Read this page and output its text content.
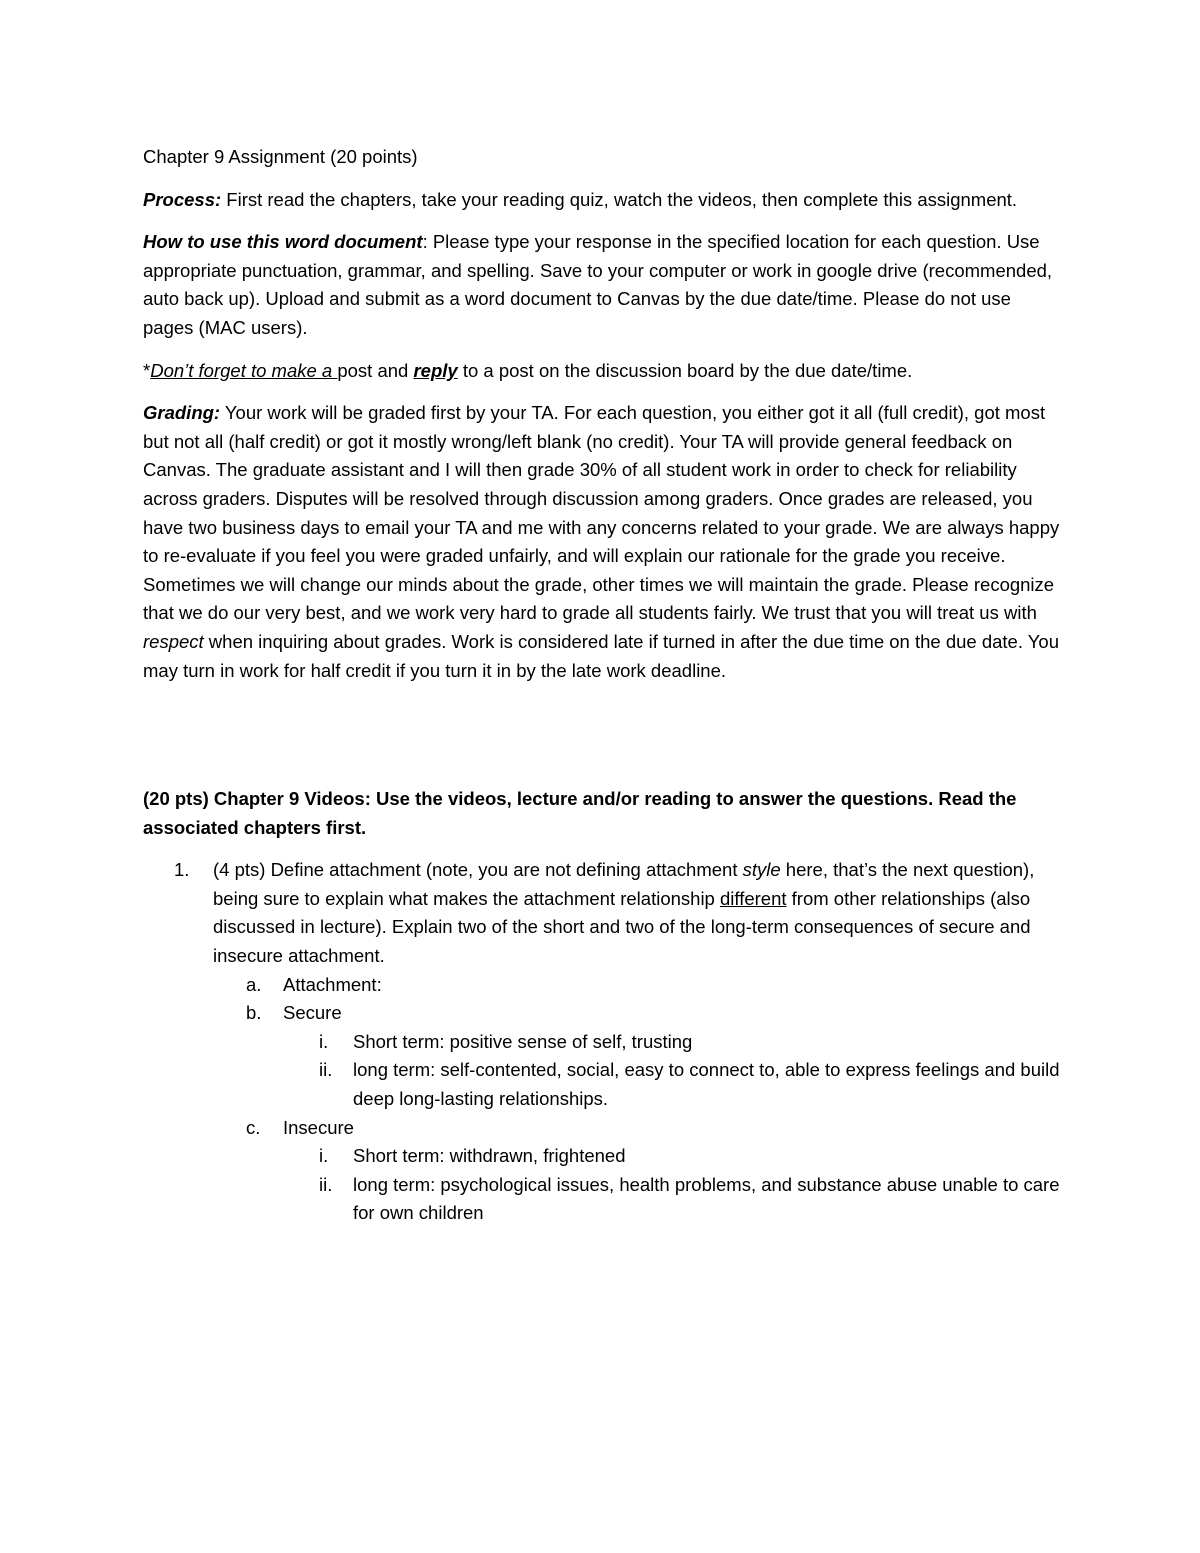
Chapter 9 Assignment (20 points)

Process: First read the chapters, take your reading quiz, watch the videos, then complete this assignment.

How to use this word document: Please type your response in the specified location for each question. Use appropriate punctuation, grammar, and spelling. Save to your computer or work in google drive (recommended, auto back up). Upload and submit as a word document to Canvas by the due date/time. Please do not use pages (MAC users).

*Don’t forget to make a post and reply to a post on the discussion board by the due date/time.

Grading: Your work will be graded first by your TA. For each question, you either got it all (full credit), got most but not all (half credit) or got it mostly wrong/left blank (no credit). Your TA will provide general feedback on Canvas. The graduate assistant and I will then grade 30% of all student work in order to check for reliability across graders. Disputes will be resolved through discussion among graders. Once grades are released, you have two business days to email your TA and me with any concerns related to your grade. We are always happy to re-evaluate if you feel you were graded unfairly, and will explain our rationale for the grade you receive. Sometimes we will change our minds about the grade, other times we will maintain the grade. Please recognize that we do our very best, and we work very hard to grade all students fairly. We trust that you will treat us with respect when inquiring about grades. Work is considered late if turned in after the due time on the due date. You may turn in work for half credit if you turn it in by the late work deadline.

(20 pts) Chapter 9 Videos: Use the videos, lecture and/or reading to answer the questions. Read the associated chapters first.

1. (4 pts) Define attachment (note, you are not defining attachment style here, that’s the next question), being sure to explain what makes the attachment relationship different from other relationships (also discussed in lecture). Explain two of the short and two of the long-term consequences of secure and insecure attachment.
a. Attachment:
b. Secure
i. Short term: positive sense of self, trusting
ii. long term: self-contented, social, easy to connect to, able to express feelings and build deep long-lasting relationships.
c. Insecure
i. Short term: withdrawn, frightened
ii. long term: psychological issues, health problems, and substance abuse unable to care for own children
